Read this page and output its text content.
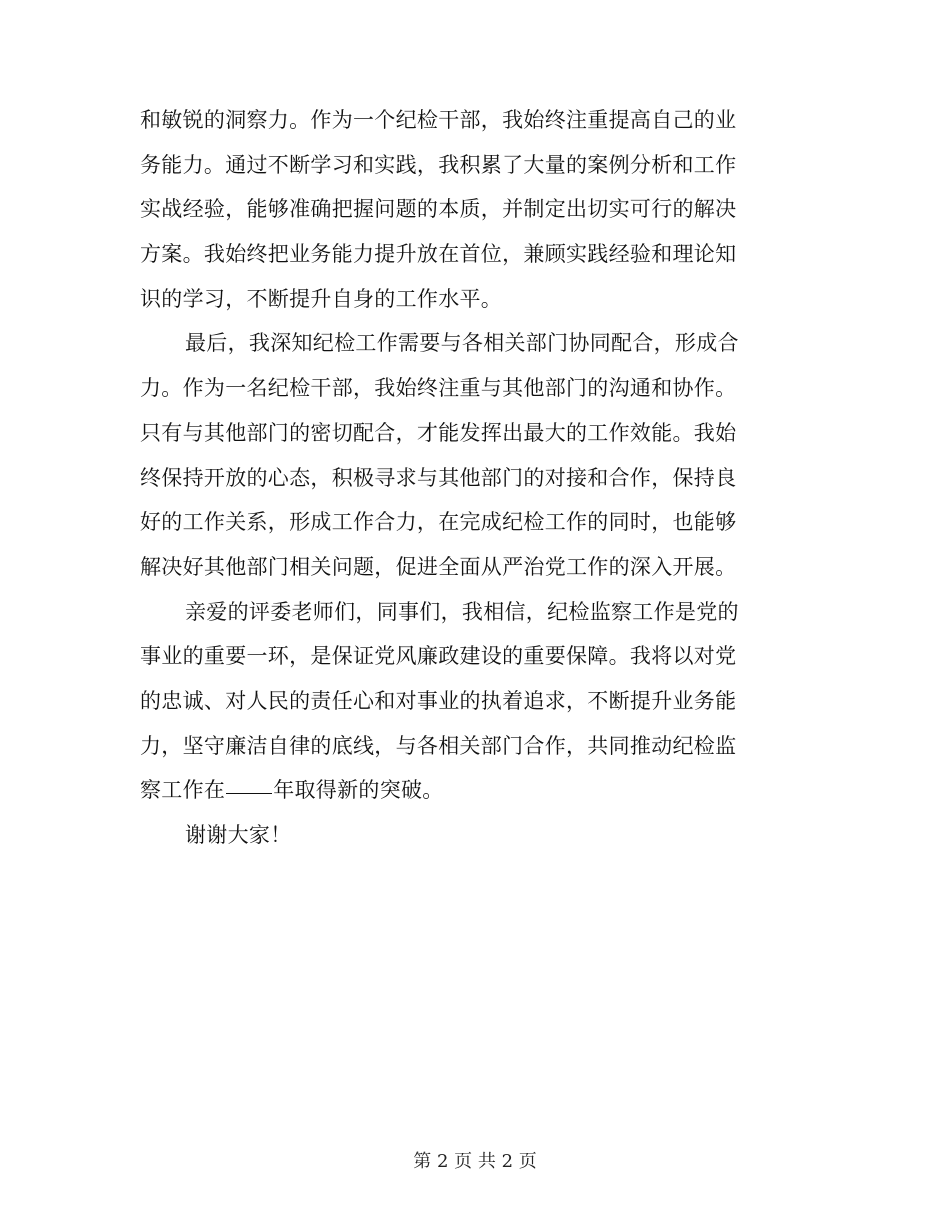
和敏锐的洞察力。作为一个纪检干部，我始终注重提高自己的业
务能力。通过不断学习和实践，我积累了大量的案例分析和工作
实战经验，能够准确把握问题的本质，并制定出切实可行的解决
方案。我始终把业务能力提升放在首位，兼顾实践经验和理论知
识的学习，不断提升自身的工作水平。
最后，我深知纪检工作需要与各相关部门协同配合，形成合
力。作为一名纪检干部，我始终注重与其他部门的沟通和协作。
只有与其他部门的密切配合，才能发挥出最大的工作效能。我始
终保持开放的心态，积极寻求与其他部门的对接和合作，保持良
好的工作关系，形成工作合力，在完成纪检工作的同时，也能够
解决好其他部门相关问题，促进全面从严治党工作的深入开展。
亲爱的评委老师们，同事们，我相信，纪检监察工作是党的
事业的重要一环，是保证党风廉政建设的重要保障。我将以对党
的忠诚、对人民的责任心和对事业的执着追求，不断提升业务能
力，坚守廉洁自律的底线，与各相关部门合作，共同推动纪检监
察工作在 年取得新的突破。
谢谢大家！
第 2 页 共 2 页
